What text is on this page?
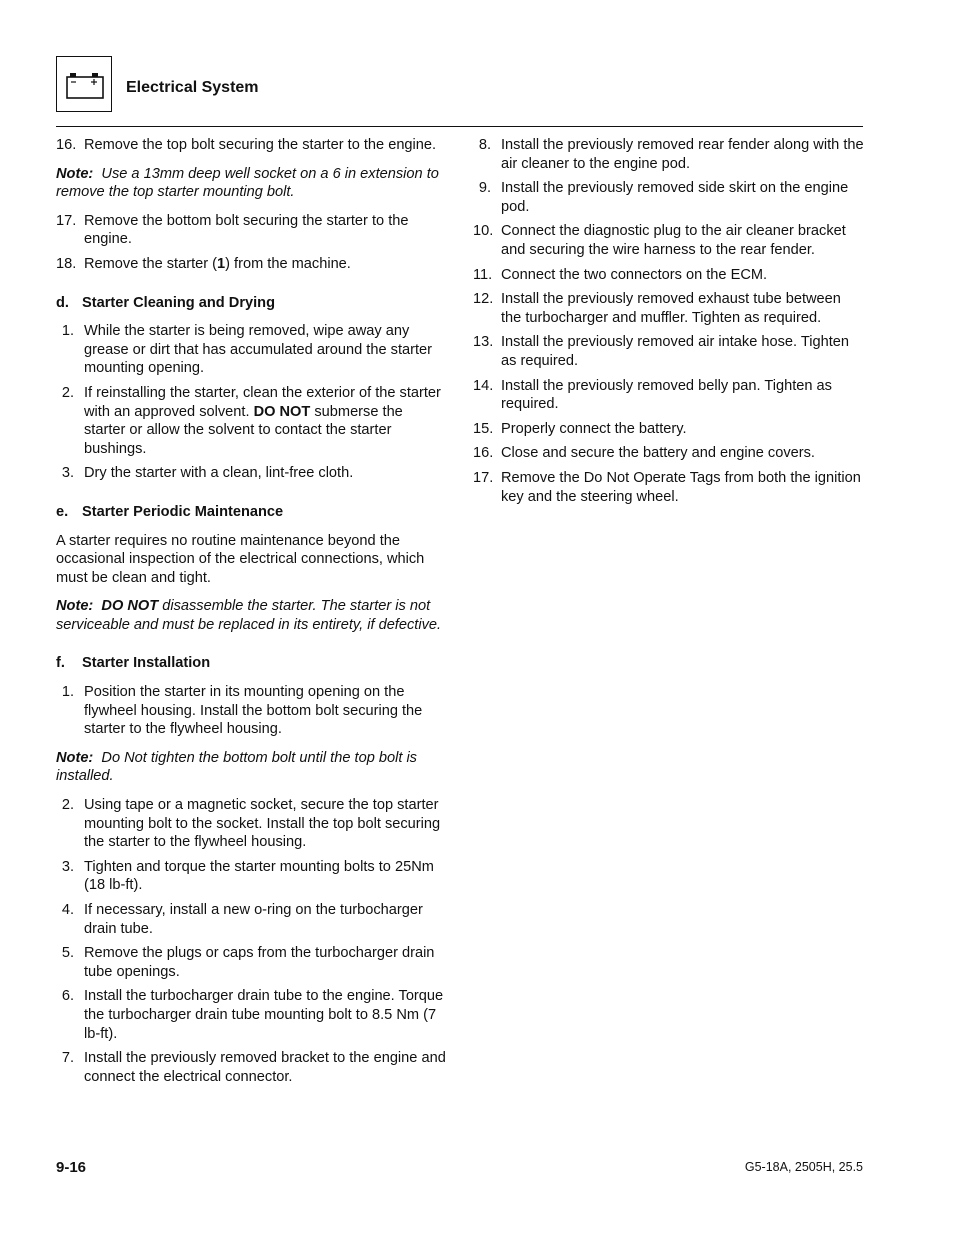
Electrical System
16. Remove the top bolt securing the starter to the engine.
Note: Use a 13mm deep well socket on a 6 in extension to remove the top starter mounting bolt.
17. Remove the bottom bolt securing the starter to the engine.
18. Remove the starter (1) from the machine.
d. Starter Cleaning and Drying
1. While the starter is being removed, wipe away any grease or dirt that has accumulated around the starter mounting opening.
2. If reinstalling the starter, clean the exterior of the starter with an approved solvent. DO NOT submerse the starter or allow the solvent to contact the starter bushings.
3. Dry the starter with a clean, lint-free cloth.
e. Starter Periodic Maintenance
A starter requires no routine maintenance beyond the occasional inspection of the electrical connections, which must be clean and tight.
Note: DO NOT disassemble the starter. The starter is not serviceable and must be replaced in its entirety, if defective.
f. Starter Installation
1. Position the starter in its mounting opening on the flywheel housing. Install the bottom bolt securing the starter to the flywheel housing.
Note: Do Not tighten the bottom bolt until the top bolt is installed.
2. Using tape or a magnetic socket, secure the top starter mounting bolt to the socket. Install the top bolt securing the starter to the flywheel housing.
3. Tighten and torque the starter mounting bolts to 25Nm (18 lb-ft).
4. If necessary, install a new o-ring on the turbocharger drain tube.
5. Remove the plugs or caps from the turbocharger drain tube openings.
6. Install the turbocharger drain tube to the engine. Torque the turbocharger drain tube mounting bolt to 8.5 Nm (7 lb-ft).
7. Install the previously removed bracket to the engine and connect the electrical connector.
8. Install the previously removed rear fender along with the air cleaner to the engine pod.
9. Install the previously removed side skirt on the engine pod.
10. Connect the diagnostic plug to the air cleaner bracket and securing the wire harness to the rear fender.
11. Connect the two connectors on the ECM.
12. Install the previously removed exhaust tube between the turbocharger and muffler. Tighten as required.
13. Install the previously removed air intake hose. Tighten as required.
14. Install the previously removed belly pan. Tighten as required.
15. Properly connect the battery.
16. Close and secure the battery and engine covers.
17. Remove the Do Not Operate Tags from both the ignition key and the steering wheel.
9-16	G5-18A, 2505H, 25.5
